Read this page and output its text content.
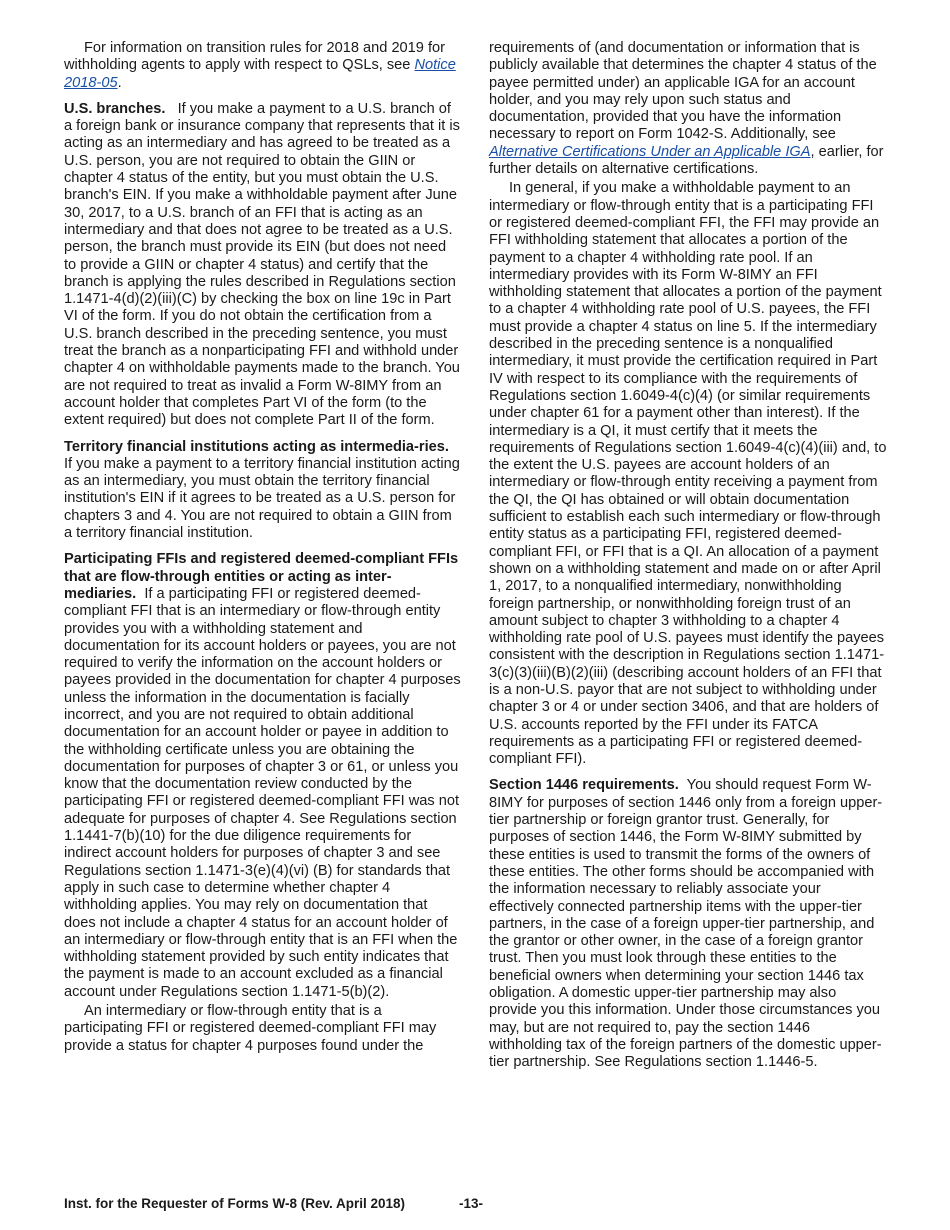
For information on transition rules for 2018 and 2019 for withholding agents to apply with respect to QSLs, see Notice 2018-05.

U.S. branches. If you make a payment to a U.S. branch of a foreign bank or insurance company that represents that it is acting as an intermediary and has agreed to be treated as a U.S. person, you are not required to obtain the GIIN or chapter 4 status of the entity, but you must obtain the U.S. branch's EIN. If you make a withholdable payment after June 30, 2017, to a U.S. branch of an FFI that is acting as an intermediary and that does not agree to be treated as a U.S. person, the branch must provide its EIN (but does not need to provide a GIIN or chapter 4 status) and certify that the branch is applying the rules described in Regulations section 1.1471-4(d)(2)(iii)(C) by checking the box on line 19c in Part VI of the form. If you do not obtain the certification from a U.S. branch described in the preceding sentence, you must treat the branch as a nonparticipating FFI and withhold under chapter 4 on withholdable payments made to the branch. You are not required to treat as invalid a Form W-8IMY from an account holder that completes Part VI of the form (to the extent required) but does not complete Part II of the form.

Territory financial institutions acting as intermedia-ries.  If you make a payment to a territory financial institution acting as an intermediary, you must obtain the territory financial institution's EIN if it agrees to be treated as a U.S. person for chapters 3 and 4. You are not required to obtain a GIIN from a territory financial institution.

Participating FFIs and registered deemed-compliant FFIs that are flow-through entities or acting as inter-mediaries. If a participating FFI or registered deemed-compliant FFI that is an intermediary or flow-through entity provides you with a withholding statement and documentation for its account holders or payees, you are not required to verify the information on the account holders or payees provided in the documentation for chapter 4 purposes unless the information in the documentation is facially incorrect, and you are not required to obtain additional documentation for an account holder or payee in addition to the withholding certificate unless you are obtaining the documentation for purposes of chapter 3 or 61, or unless you know that the documentation review conducted by the participating FFI or registered deemed-compliant FFI was not adequate for purposes of chapter 4. See Regulations section 1.1441-7(b)(10) for the due diligence requirements for indirect account holders for purposes of chapter 3 and see Regulations section 1.1471-3(e)(4)(vi) (B) for standards that apply in such case to determine whether chapter 4 withholding applies. You may rely on documentation that does not include a chapter 4 status for an account holder of an intermediary or flow-through entity that is an FFI when the withholding statement provided by such entity indicates that the payment is made to an account excluded as a financial account under Regulations section 1.1471-5(b)(2).

An intermediary or flow-through entity that is a participating FFI or registered deemed-compliant FFI may provide a status for chapter 4 purposes found under the

requirements of (and documentation or information that is publicly available that determines the chapter 4 status of the payee permitted under) an applicable IGA for an account holder, and you may rely upon such status and documentation, provided that you have the information necessary to report on Form 1042-S. Additionally, see Alternative Certifications Under an Applicable IGA, earlier, for further details on alternative certifications.

In general, if you make a withholdable payment to an intermediary or flow-through entity that is a participating FFI or registered deemed-compliant FFI, the FFI may provide an FFI withholding statement that allocates a portion of the payment to a chapter 4 withholding rate pool. If an intermediary provides with its Form W-8IMY an FFI withholding statement that allocates a portion of the payment to a chapter 4 withholding rate pool of U.S. payees, the FFI must provide a chapter 4 status on line 5. If the intermediary described in the preceding sentence is a nonqualified intermediary, it must provide the certification required in Part IV with respect to its compliance with the requirements of Regulations section 1.6049-4(c)(4) (or similar requirements under chapter 61 for a payment other than interest). If the intermediary is a QI, it must certify that it meets the requirements of Regulations section 1.6049-4(c)(4)(iii) and, to the extent the U.S. payees are account holders of an intermediary or flow-through entity receiving a payment from the QI, the QI has obtained or will obtain documentation sufficient to establish each such intermediary or flow-through entity status as a participating FFI, registered deemed-compliant FFI, or FFI that is a QI. An allocation of a payment shown on a withholding statement and made on or after April 1, 2017, to a nonqualified intermediary, nonwithholding foreign partnership, or nonwithholding foreign trust of an amount subject to chapter 3 withholding to a chapter 4 withholding rate pool of U.S. payees must identify the payees consistent with the description in Regulations section 1.1471-3(c)(3)(iii)(B)(2)(iii) (describing account holders of an FFI that is a non-U.S. payor that are not subject to withholding under chapter 3 or 4 or under section 3406, and that are holders of U.S. accounts reported by the FFI under its FATCA requirements as a participating FFI or registered deemed-compliant FFI).

Section 1446 requirements. You should request Form W-8IMY for purposes of section 1446 only from a foreign upper-tier partnership or foreign grantor trust. Generally, for purposes of section 1446, the Form W-8IMY submitted by these entities is used to transmit the forms of the owners of these entities. The other forms should be accompanied with the information necessary to reliably associate your effectively connected partnership items with the upper-tier partners, in the case of a foreign upper-tier partnership, and the grantor or other owner, in the case of a foreign grantor trust. Then you must look through these entities to the beneficial owners when determining your section 1446 tax obligation. A domestic upper-tier partnership may also provide you this information. Under those circumstances you may, but are not required to, pay the section 1446 withholding tax of the foreign partners of the domestic upper-tier partnership. See Regulations section 1.1446-5.

Inst. for the Requester of Forms W-8 (Rev. April 2018)	-13-
